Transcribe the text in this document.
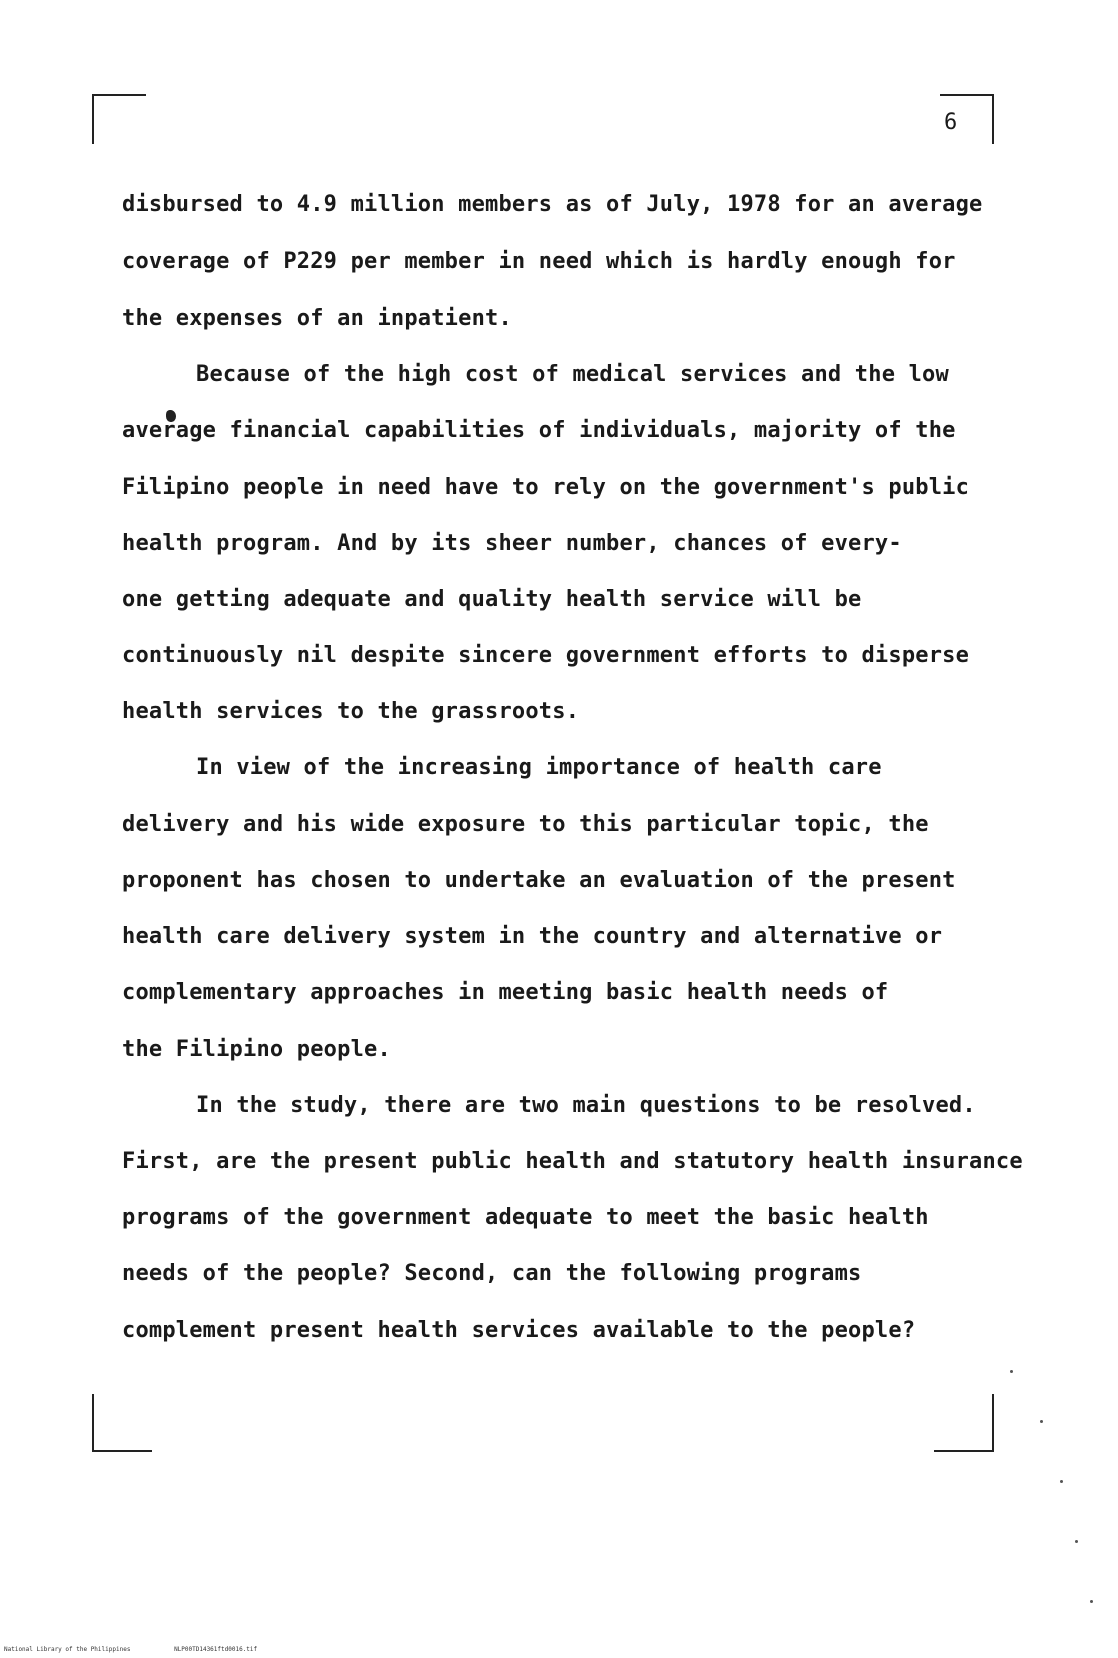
6
disbursed to 4.9 million members as of July, 1978 for an average
coverage of P229 per member in need which is hardly enough for
the expenses of an inpatient.
Because of the high cost of medical services and the low
average financial capabilities of individuals, majority of the
Filipino people in need have to rely on the government's public
health program. And by its sheer number, chances of every-
one getting adequate and quality health service will be
continuously nil despite sincere government efforts to disperse
health services to the grassroots.
In view of the increasing importance of health care
delivery and his wide exposure to this particular topic, the
proponent has chosen to undertake an evaluation of the present
health care delivery system in the country and alternative or
complementary approaches in meeting basic health needs of
the Filipino people.
In the study, there are two main questions to be resolved.
First, are the present public health and statutory health insurance
programs of the government adequate to meet the basic health
needs of the people? Second, can the following programs
complement present health services available to the people?
National Library of the Philippines	NLP00TD14361ftd0016.tif
